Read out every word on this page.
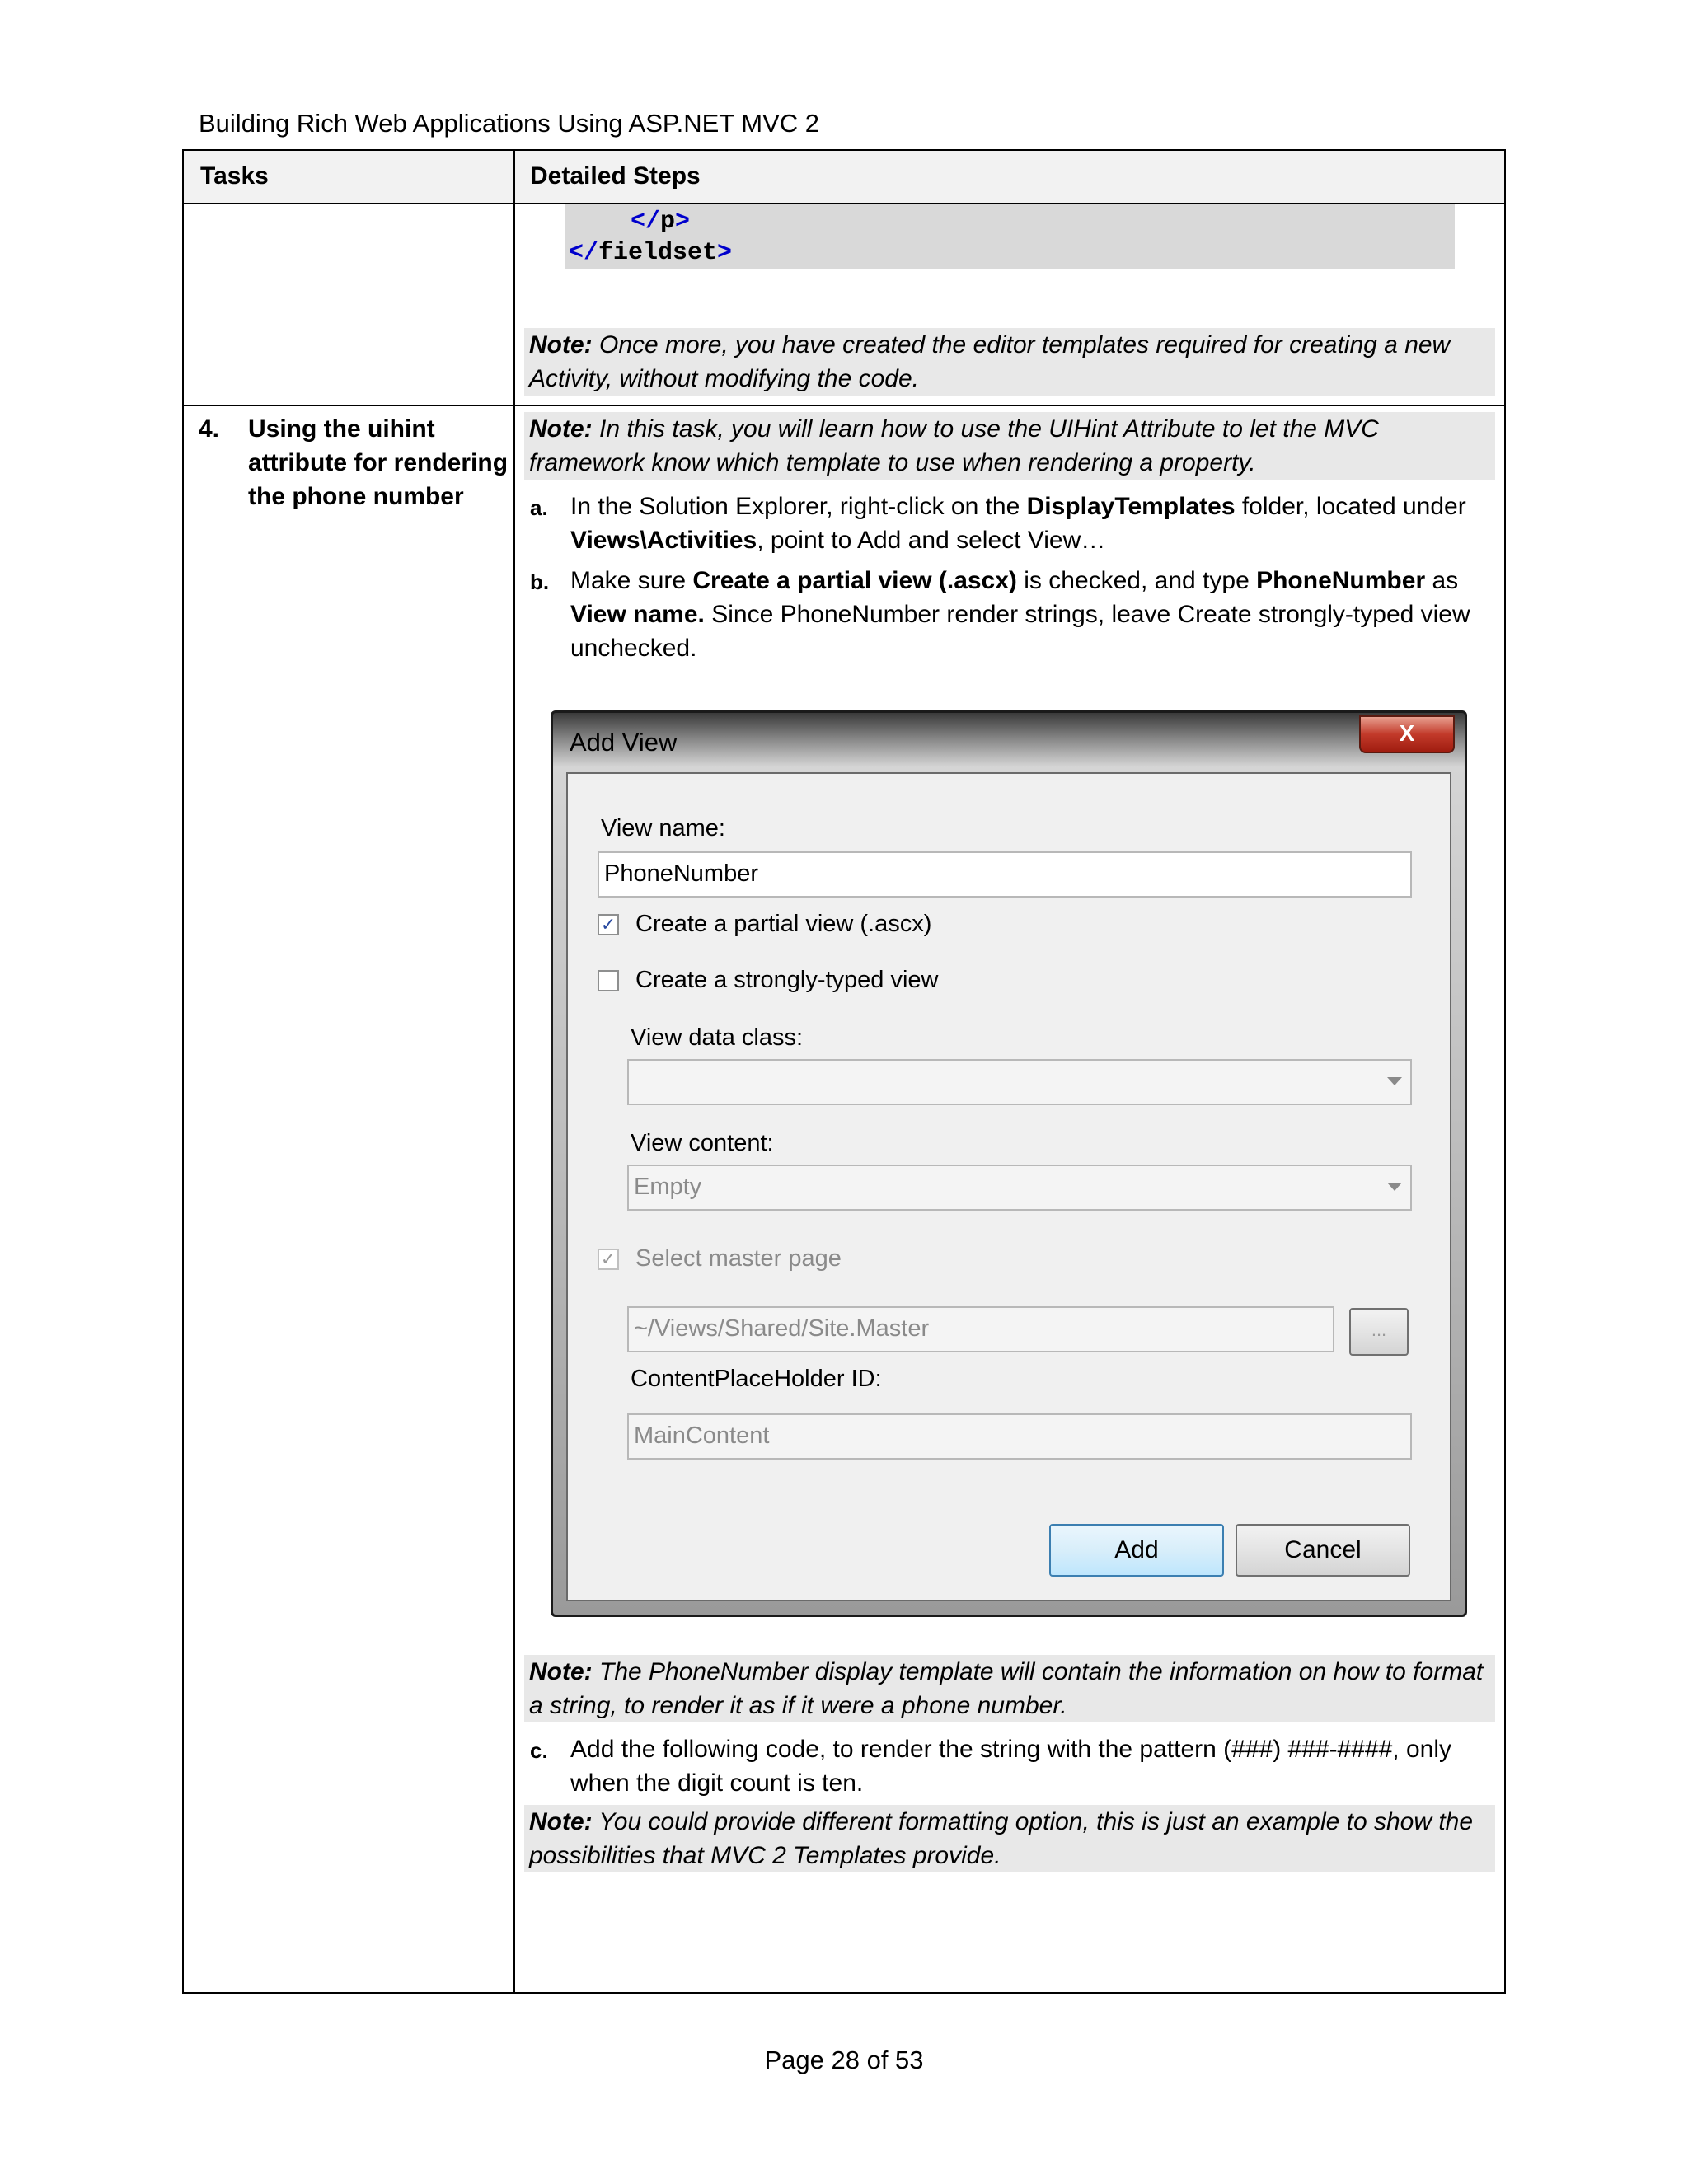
Building Rich Web Applications Using ASP.NET MVC 2
Tasks	Detailed Steps
</p>
</fieldset>
Note: Once more, you have created the editor templates required for creating a new Activity, without modifying the code.
4. Using the uihint attribute for rendering the phone number
Note: In this task, you will learn how to use the UIHint Attribute to let the MVC framework know which template to use when rendering a property.
a. In the Solution Explorer, right-click on the DisplayTemplates folder, located under Views\Activities, point to Add and select View…
b. Make sure Create a partial view (.ascx) is checked, and type PhoneNumber as View name. Since PhoneNumber render strings, leave Create strongly-typed view unchecked.
Add View	X
View name:
PhoneNumber
✓ Create a partial view (.ascx)
Create a strongly-typed view
View data class:
View content:
Empty
✓ Select master page
~/Views/Shared/Site.Master	...
ContentPlaceHolder ID:
MainContent
Add	Cancel
Note: The PhoneNumber display template will contain the information on how to format a string, to render it as if it were a phone number.
c. Add the following code, to render the string with the pattern (###) ###-####, only when the digit count is ten.
Note: You could provide different formatting option, this is just an example to show the possibilities that MVC 2 Templates provide.
Page 28 of 53
